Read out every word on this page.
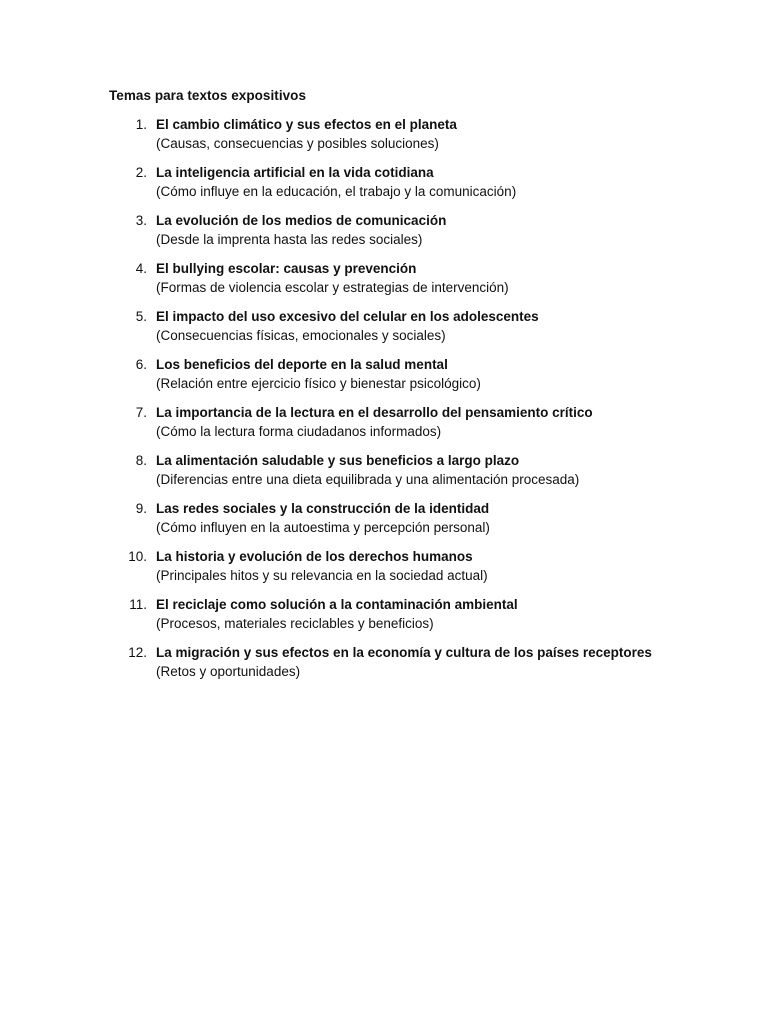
Temas para textos expositivos
1. El cambio climático y sus efectos en el planeta
(Causas, consecuencias y posibles soluciones)
2. La inteligencia artificial en la vida cotidiana
(Cómo influye en la educación, el trabajo y la comunicación)
3. La evolución de los medios de comunicación
(Desde la imprenta hasta las redes sociales)
4. El bullying escolar: causas y prevención
(Formas de violencia escolar y estrategias de intervención)
5. El impacto del uso excesivo del celular en los adolescentes
(Consecuencias físicas, emocionales y sociales)
6. Los beneficios del deporte en la salud mental
(Relación entre ejercicio físico y bienestar psicológico)
7. La importancia de la lectura en el desarrollo del pensamiento crítico
(Cómo la lectura forma ciudadanos informados)
8. La alimentación saludable y sus beneficios a largo plazo
(Diferencias entre una dieta equilibrada y una alimentación procesada)
9. Las redes sociales y la construcción de la identidad
(Cómo influyen en la autoestima y percepción personal)
10. La historia y evolución de los derechos humanos
(Principales hitos y su relevancia en la sociedad actual)
11. El reciclaje como solución a la contaminación ambiental
(Procesos, materiales reciclables y beneficios)
12. La migración y sus efectos en la economía y cultura de los países receptores
(Retos y oportunidades)
